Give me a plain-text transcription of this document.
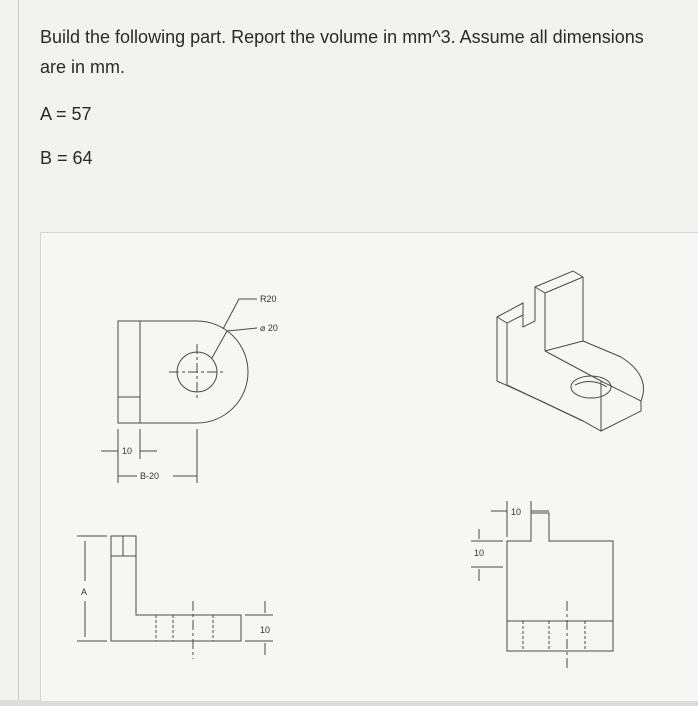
Build the following part. Report the volume in mm^3. Assume all dimensions are in mm.
A = 57
B = 64
R20
⌀ 20
10
B-20
A
10
10
10
